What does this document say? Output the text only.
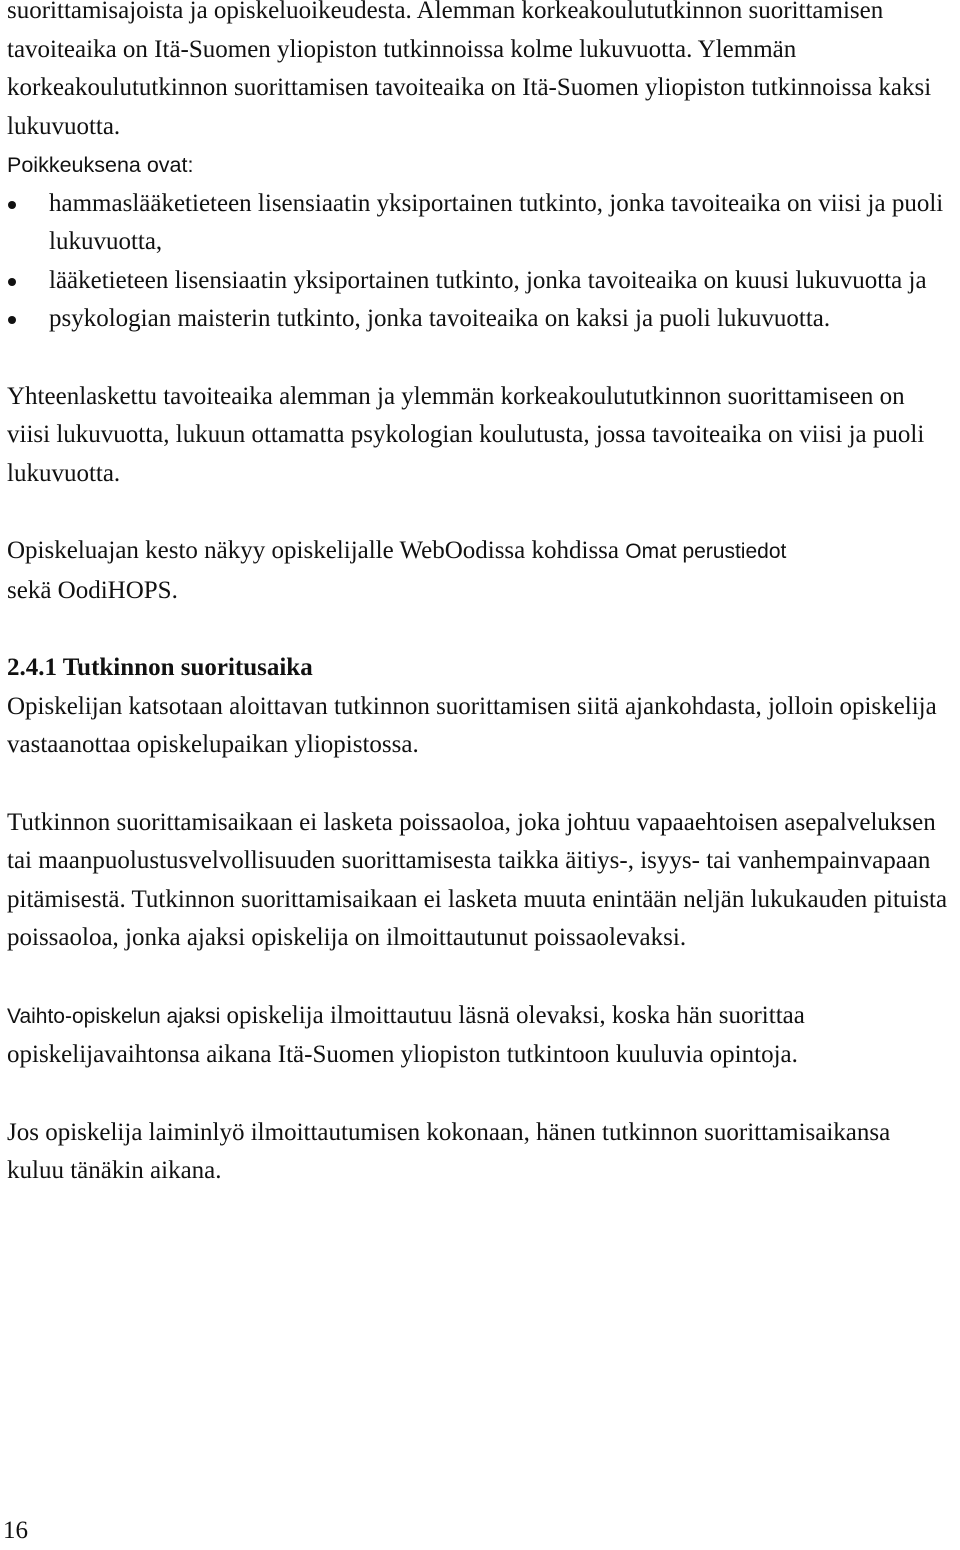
suorittamisajoista ja opiskeluoikeudesta. Alemman korkeakoulututkinnon suorittamisen tavoiteaika on Itä-Suomen yliopiston tutkinnoissa kolme lukuvuotta. Ylemmän korkeakoulututkinnon suorittamisen tavoiteaika on Itä-Suomen yliopiston tutkinnoissa kaksi lukuvuotta.

Poikkeuksena ovat:

hammaslääketieteen lisensiaatin yksiportainen tutkinto, jonka tavoiteaika on viisi ja puoli lukuvuotta,
lääketieteen lisensiaatin yksiportainen tutkinto, jonka tavoiteaika on kuusi lukuvuotta ja
psykologian maisterin tutkinto, jonka tavoiteaika on kaksi ja puoli lukuvuotta.

Yhteenlaskettu tavoiteaika alemman ja ylemmän korkeakoulututkinnon suorittamiseen on viisi lukuvuotta, lukuun ottamatta psykologian koulutusta, jossa tavoiteaika on viisi ja puoli lukuvuotta.

Opiskeluajan kesto näkyy opiskelijalle WebOodissa kohdissa Omat perustiedot
sekä OodiHOPS.

2.4.1 Tutkinnon suoritusaika

Opiskelijan katsotaan aloittavan tutkinnon suorittamisen siitä ajankohdasta, jolloin opiskelija vastaanottaa opiskelupaikan yliopistossa.

Tutkinnon suorittamisaikaan ei lasketa poissaoloa, joka johtuu vapaaehtoisen asepalveluksen tai maanpuolustusvelvollisuuden suorittamisesta taikka äitiys-, isyys- tai vanhempainvapaan pitämisestä. Tutkinnon suorittamisaikaan ei lasketa muuta enintään neljän lukukauden pituista poissaoloa, jonka ajaksi opiskelija on ilmoittautunut poissaolevaksi.

Vaihto-opiskelun ajaksi opiskelija ilmoittautuu läsnä olevaksi, koska hän suorittaa opiskelijavaihtonsa aikana Itä-Suomen yliopiston tutkintoon kuuluvia opintoja.

Jos opiskelija laiminlyö ilmoittautumisen kokonaan, hänen tutkinnon suorittamisaikansa kuluu tänäkin aikana.

16
